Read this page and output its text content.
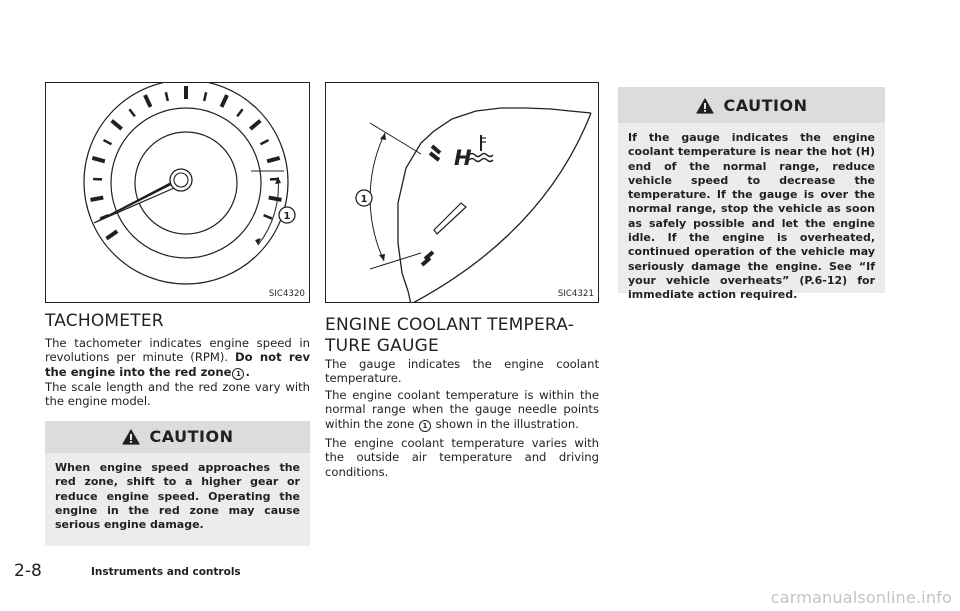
1
SIC4320
H
1
SIC4321
TACHOMETER

The tachometer indicates engine speed in revolutions per minute (RPM). Do not rev the engine into the red zone 1 .

The scale length and the red zone vary with the engine model.

CAUTION

When engine speed approaches the red zone, shift to a higher gear or reduce engine speed. Operating the engine in the red zone may cause serious engine damage.

ENGINE COOLANT TEMPERA-
TURE GAUGE

The gauge indicates the engine coolant temperature.

The engine coolant temperature is within the normal range when the gauge needle points within the zone 1 shown in the illustration.

The engine coolant temperature varies with the outside air temperature and driving conditions.

CAUTION

If the gauge indicates the engine coolant temperature is near the hot (H) end of the normal range, reduce vehicle speed to decrease the temperature. If the gauge is over the normal range, stop the vehicle as soon as safely possible and let the engine idle. If the engine is overheated, continued operation of the vehicle may seriously damage the engine. See “If your vehicle overheats” (P.6-12) for immediate action required.

2-8	Instruments and controls
carmanualsonline.info
